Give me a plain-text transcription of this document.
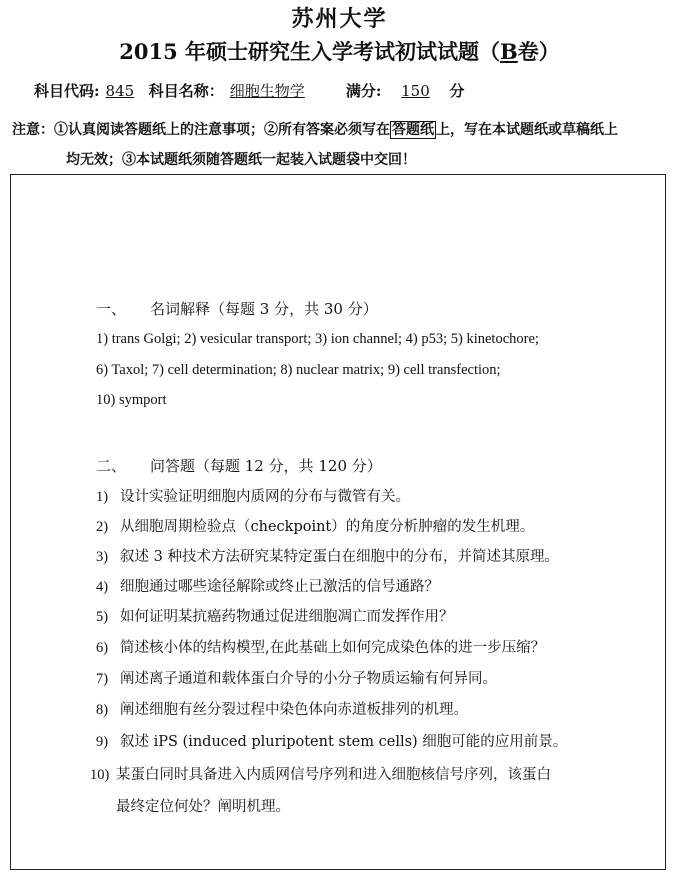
苏州大学
2015 年硕士研究生入学考试初试试题（B卷）
科目代码: 845 科目名称： 细胞生物学	满分: 150 分
注意：①认真阅读答题纸上的注意事项；②所有答案必须写在 答题纸 上，写在本试题纸或草稿纸上
均无效；③本试题纸须随答题纸一起装入试题袋中交回！
一、 名词解释（每题 3 分，共 30 分）
1) trans Golgi; 2) vesicular transport; 3) ion channel; 4) p53; 5) kinetochore;
6) Taxol; 7) cell determination; 8) nuclear matrix; 9) cell transfection;
10) symport
二、 问答题（每题 12 分，共 120 分）
1) 设计实验证明细胞内质网的分布与微管有关。
2) 从细胞周期检验点（checkpoint）的角度分析肿瘤的发生机理。
3) 叙述 3 种技术方法研究某特定蛋白在细胞中的分布，并简述其原理。
4) 细胞通过哪些途径解除或终止已激活的信号通路？
5) 如何证明某抗癌药物通过促进细胞凋亡而发挥作用？
6) 简述核小体的结构模型,在此基础上如何完成染色体的进一步压缩？
7) 阐述离子通道和载体蛋白介导的小分子物质运输有何异同。
8) 阐述细胞有丝分裂过程中染色体向赤道板排列的机理。
9) 叙述 iPS (induced pluripotent stem cells) 细胞可能的应用前景。
10) 某蛋白同时具备进入内质网信号序列和进入细胞核信号序列，该蛋白
最终定位何处？阐明机理。
